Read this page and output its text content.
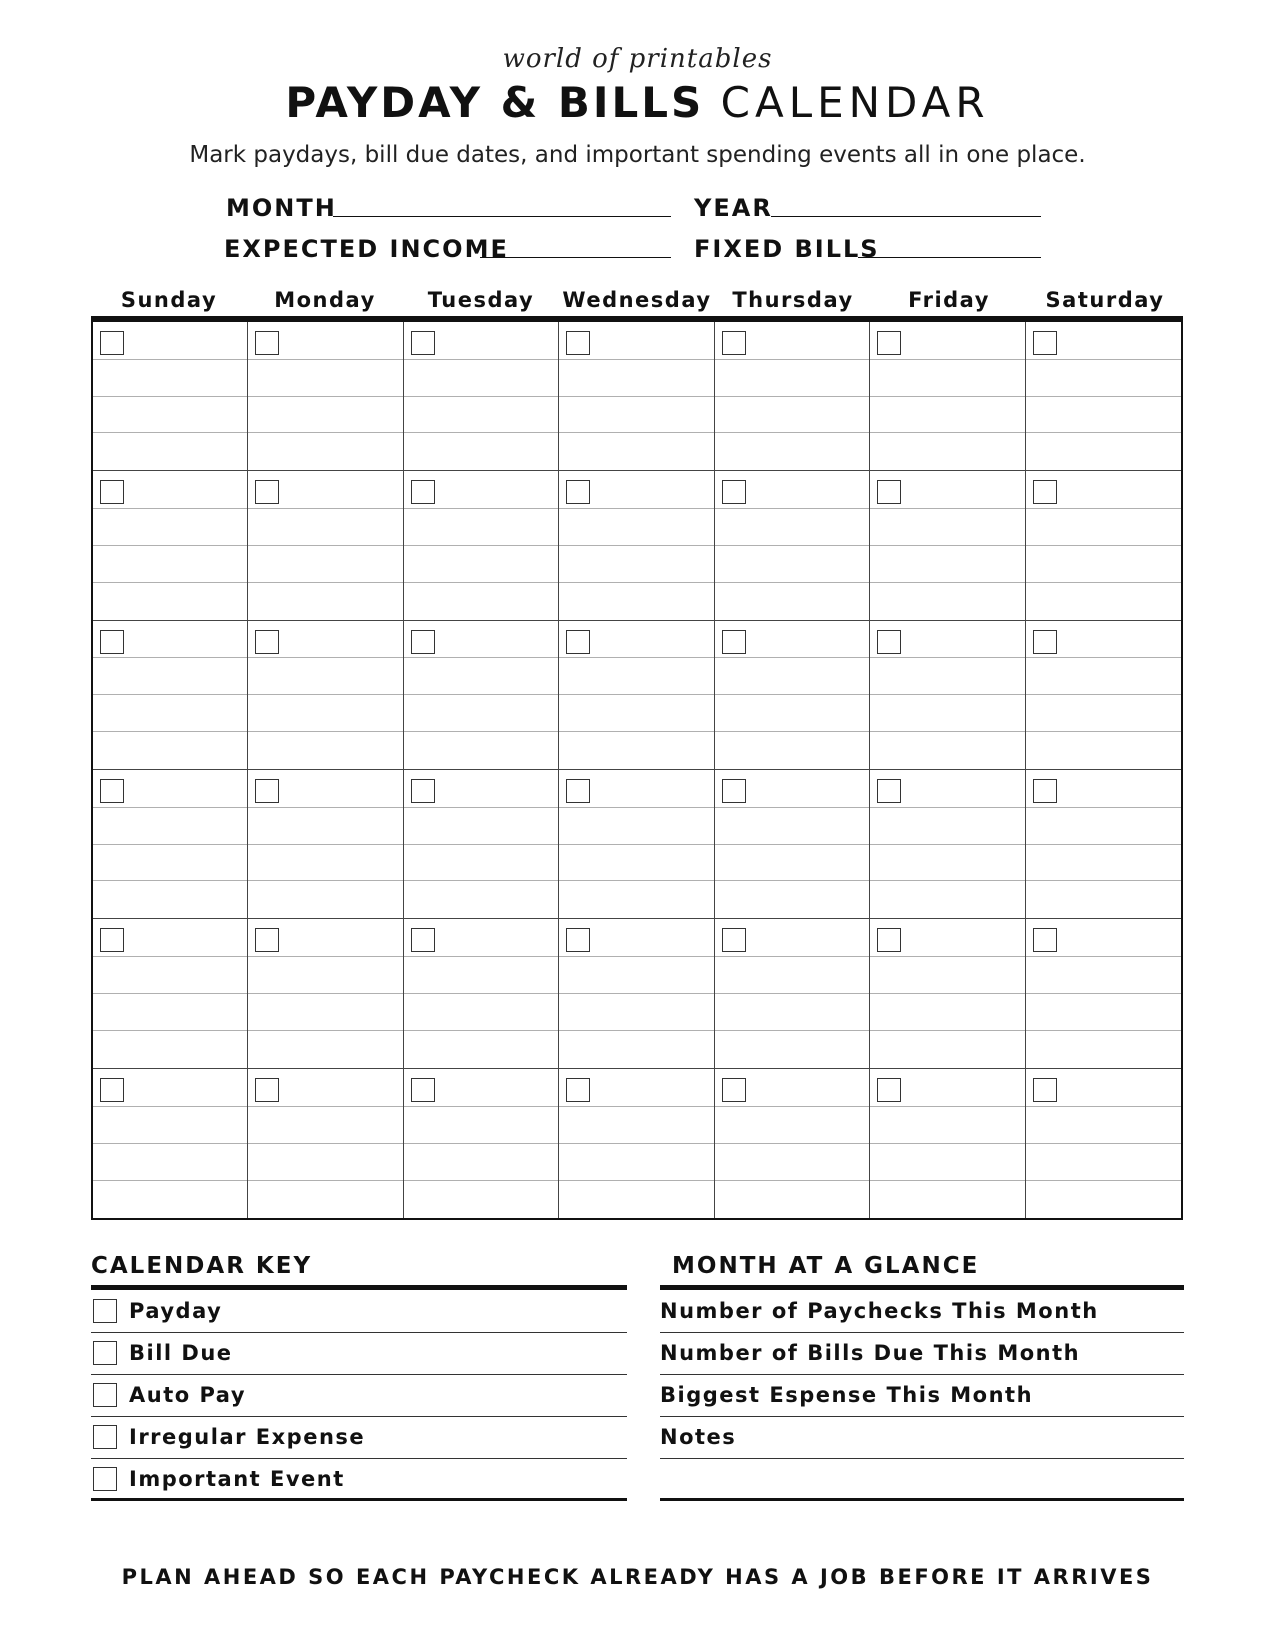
world of printables
PAYDAY & BILLS CALENDAR
Mark paydays, bill due dates, and important spending events all in one place.
MONTH	YEAR
EXPECTED INCOME	FIXED BILLS
Sunday	Monday	Tuesday	Wednesday Thursday	Friday	Saturday
CALENDAR KEY
Payday
Bill Due
Auto Pay
Irregular Expense
Important Event
MONTH AT A GLANCE
Number of Paychecks This Month
Number of Bills Due This Month
Biggest Espense This Month
Notes
PLAN AHEAD SO EACH PAYCHECK ALREADY HAS A JOB BEFORE IT ARRIVES
